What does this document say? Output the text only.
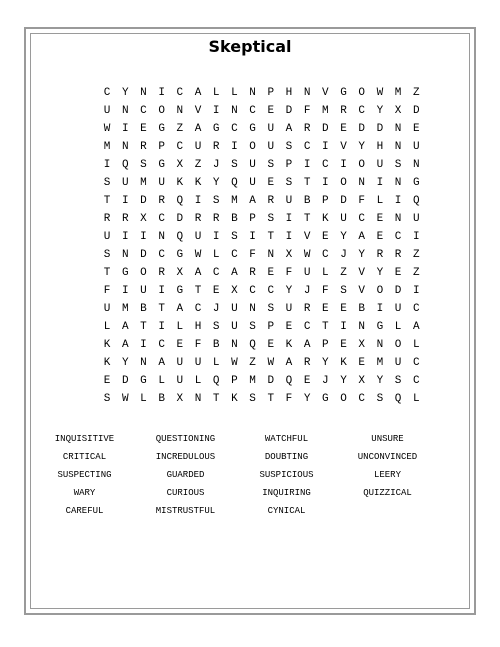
Skeptical
C Y N I C A L L N P H N V G O W M Z
U N C O N V I N C E D F M R C Y X D
W I E G Z A G C G U A R D E D D N E
M N R P C U R I O U S C I V Y H N U
I Q S G X Z J S U S P I C I O U S N
S U M U K K Y Q U E S T I O N I N G
T I D R Q I S M A R U B P D F L I Q
R R X C D R R B P S I T K U C E N U
U I I N Q U I S I T I V E Y A E C I
S N D C G W L C F N X W C J Y R R Z
T G O R X A C A R E F U L Z V Y E Z
F I U I G T E X C C Y J F S V O D I
U M B T A C J U N S U R E E B I U C
L A T I L H S U S P E C T I N G L A
K A I C E F B N Q E K A P E X N O L
K Y N A U U L W Z W A R Y K E M U C
E D G L U L Q P M D Q E J Y X Y S C
S W L B X N T K S T F Y G O C S Q L
INQUISITIVE	QUESTIONING	WATCHFUL	UNSURE
CRITICAL	INCREDULOUS	DOUBTING	UNCONVINCED
SUSPECTING	GUARDED	SUSPICIOUS	LEERY
WARY	CURIOUS	INQUIRING	QUIZZICAL
CAREFUL	MISTRUSTFUL	CYNICAL
